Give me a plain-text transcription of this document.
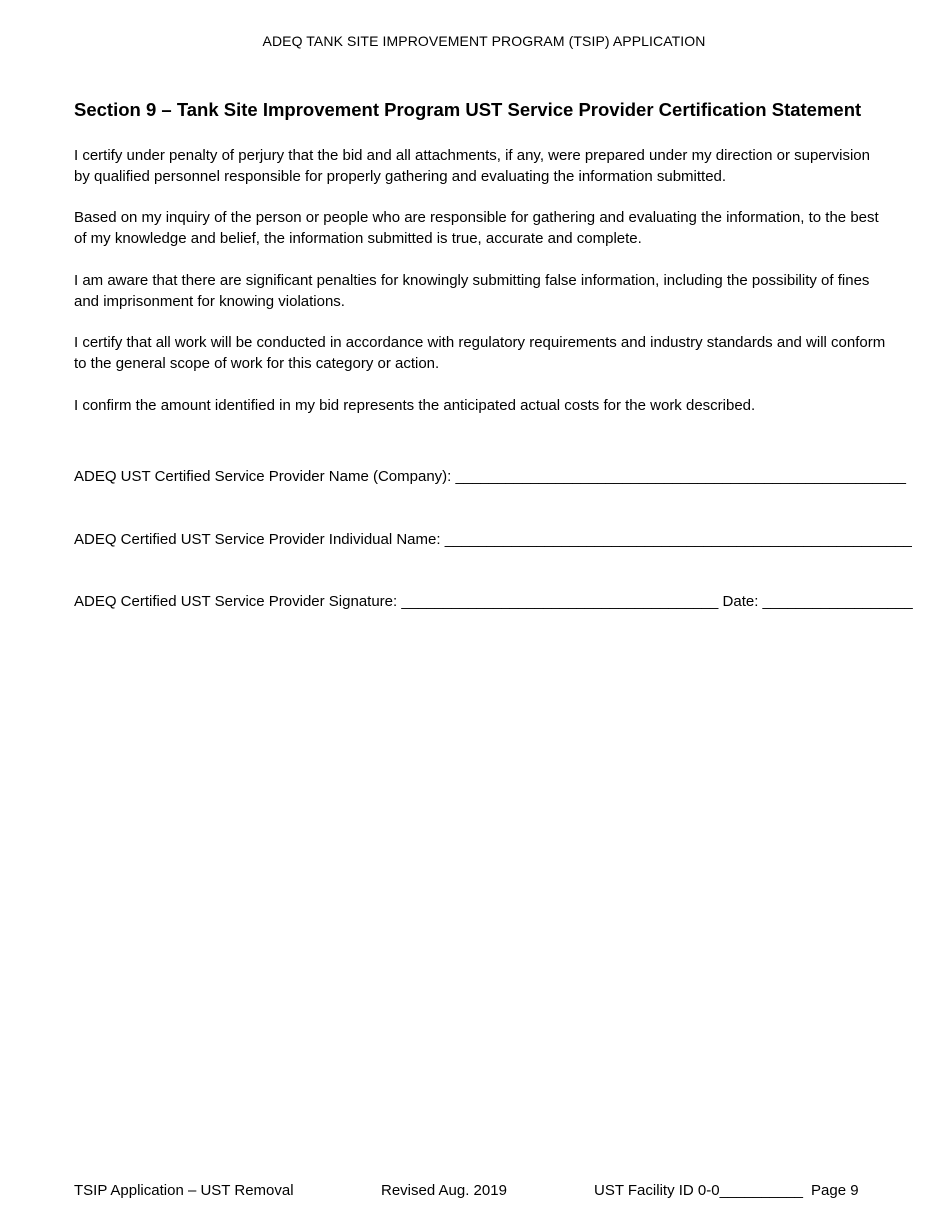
ADEQ TANK SITE IMPROVEMENT PROGRAM (TSIP) APPLICATION
Section 9 – Tank Site Improvement Program UST Service Provider Certification Statement

I certify under penalty of perjury that the bid and all attachments, if any, were prepared under my direction or supervision by qualified personnel responsible for properly gathering and evaluating the information submitted.

Based on my inquiry of the person or people who are responsible for gathering and evaluating the information, to the best of my knowledge and belief, the information submitted is true, accurate and complete.

I am aware that there are significant penalties for knowingly submitting false information, including the possibility of fines and imprisonment for knowing violations.

I certify that all work will be conducted in accordance with regulatory requirements and industry standards and will conform to the general scope of work for this category or action.

I confirm the amount identified in my bid represents the anticipated actual costs for the work described.

ADEQ UST Certified Service Provider Name (Company): ______________________________________________________
ADEQ Certified UST Service Provider Individual Name: ________________________________________________________
ADEQ Certified UST Service Provider Signature: ______________________________________ Date: __________________
TSIP Application – UST Removal	Revised Aug. 2019	UST Facility ID 0-0__________ Page 9
